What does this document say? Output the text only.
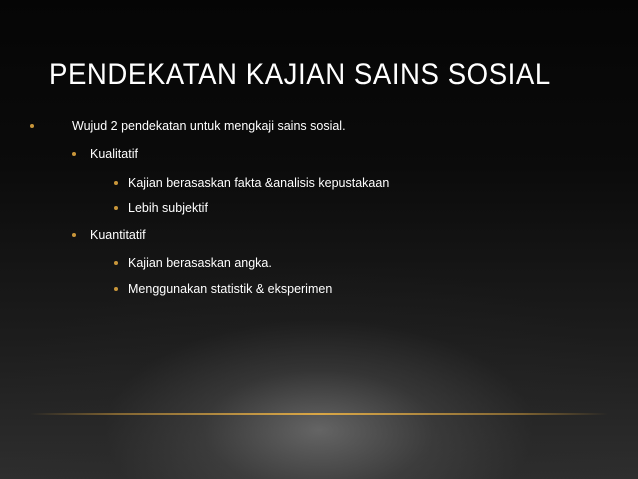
PENDEKATAN KAJIAN SAINS SOSIAL
Wujud 2 pendekatan untuk mengkaji sains sosial.
Kualitatif
Kajian berasaskan fakta &analisis kepustakaan
Lebih subjektif
Kuantitatif
Kajian berasaskan angka.
Menggunakan statistik & eksperimen
